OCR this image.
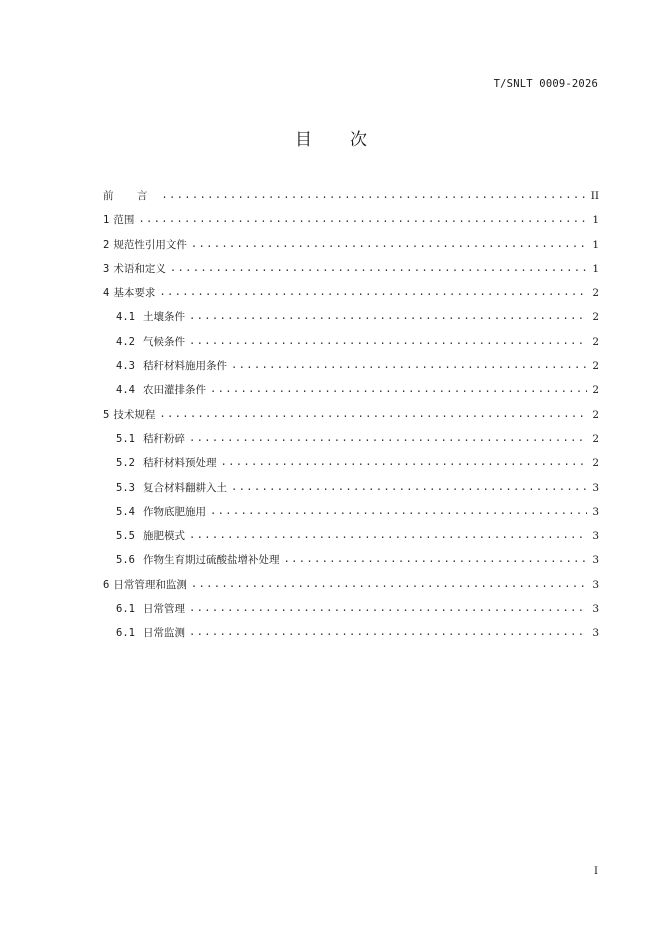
T/SNLT 0009-2026
目 次
前 言 .....	II
1 范围 .....	1
2 规范性引用文件 .....	1
3 术语和定义 .....	1
4 基本要求 .....	2
4.1 土壤条件 .....	2
4.2 气候条件 .....	2
4.3 秸秆材料施用条件 .....	2
4.4 农田灌排条件 .....	2
5 技术规程 .....	2
5.1 秸秆粉碎 .....	2
5.2 秸秆材料预处理 .....	2
5.3 复合材料翻耕入土 .....	3
5.4 作物底肥施用 .....	3
5.5 施肥模式 .....	3
5.6 作物生育期过硫酸盐增补处理 .....	3
6 日常管理和监测 .....	3
6.1 日常管理 .....	3
6.1 日常监测 .....	3
I
